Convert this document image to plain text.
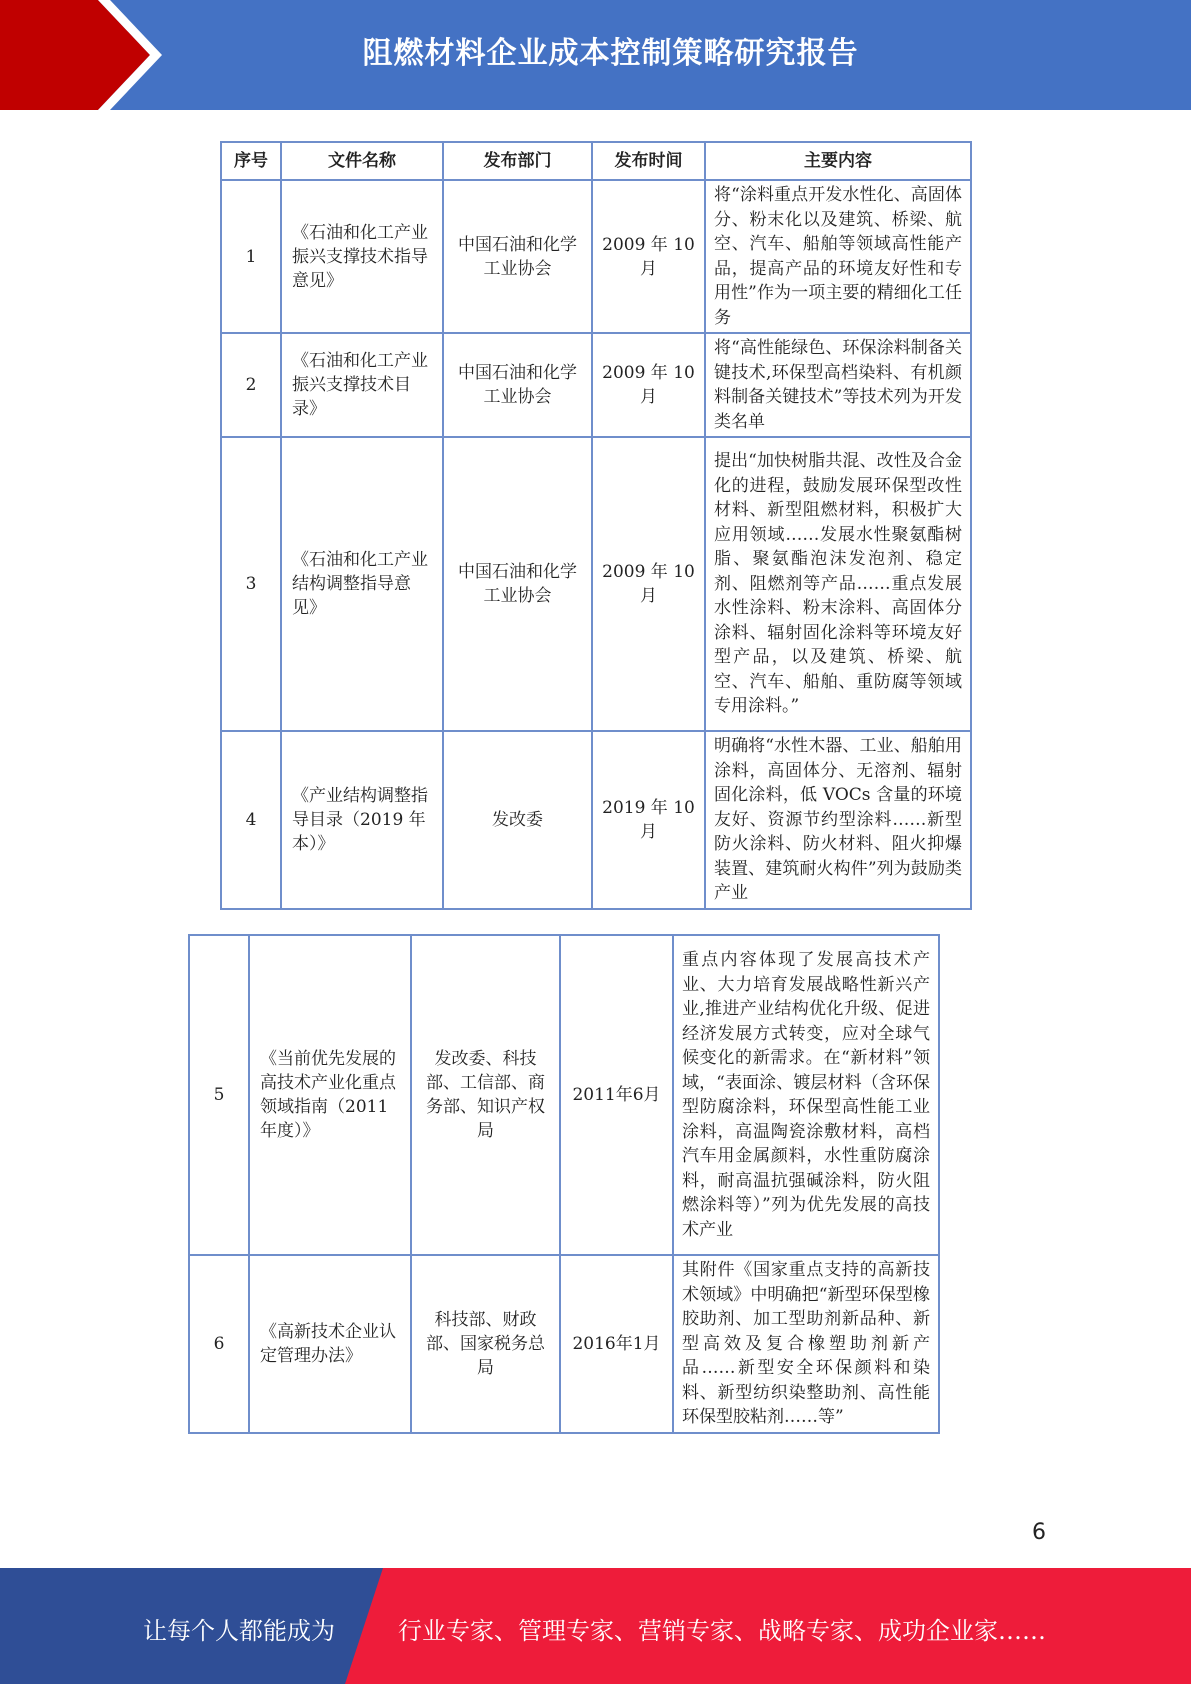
阻燃材料企业成本控制策略研究报告
序号	文件名称	发布部门	发布时间	主要内容
1	《石油和化工产业振兴支撑技术指导意见》	中国石油和化学工业协会	2009 年 10 月	将“涂料重点开发水性化、高固体分、粉末化以及建筑、桥梁、航空、汽车、船舶等领域高性能产品，提高产品的环境友好性和专用性”作为一项主要的精细化工任务
2	《石油和化工产业振兴支撑技术目录》	中国石油和化学工业协会	2009 年 10 月	将“高性能绿色、环保涂料制备关键技术,环保型高档染料、有机颜料制备关键技术”等技术列为开发类名单
3	《石油和化工产业结构调整指导意见》	中国石油和化学工业协会	2009 年 10 月	提出“加快树脂共混、改性及合金化的进程，鼓励发展环保型改性材料、新型阻燃材料，积极扩大应用领域……发展水性聚氨酯树脂、聚氨酯泡沫发泡剂、稳定剂、阻燃剂等产品……重点发展水性涂料、粉末涂料、高固体分涂料、辐射固化涂料等环境友好型产品，以及建筑、桥梁、航空、汽车、船舶、重防腐等领域专用涂料。”
4	《产业结构调整指导目录（2019 年本）》	发改委	2019 年 10 月	明确将“水性木器、工业、船舶用涂料，高固体分、无溶剂、辐射固化涂料，低 VOCs 含量的环境友好、资源节约型涂料……新型防火涂料、防火材料、阻火抑爆装置、建筑耐火构件”列为鼓励类产业
5	《当前优先发展的高技术产业化重点领域指南（2011 年度）》	发改委、科技部、工信部、商务部、知识产权局	2011年6月	重点内容体现了发展高技术产业、大力培育发展战略性新兴产业,推进产业结构优化升级、促进经济发展方式转变，应对全球气候变化的新需求。在“新材料”领域，“表面涂、镀层材料（含环保型防腐涂料，环保型高性能工业涂料，高温陶瓷涂敷材料，高档汽车用金属颜料，水性重防腐涂料，耐高温抗强碱涂料，防火阻燃涂料等）”列为优先发展的高技术产业
6	《高新技术企业认定管理办法》	科技部、财政部、国家税务总局	2016年1月	其附件《国家重点支持的高新技术领域》中明确把“新型环保型橡胶助剂、加工型助剂新品种、新型高效及复合橡塑助剂新产品……新型安全环保颜料和染料、新型纺织染整助剂、高性能环保型胶粘剂……等”
6
让每个人都能成为	行业专家、管理专家、营销专家、战略专家、成功企业家……
